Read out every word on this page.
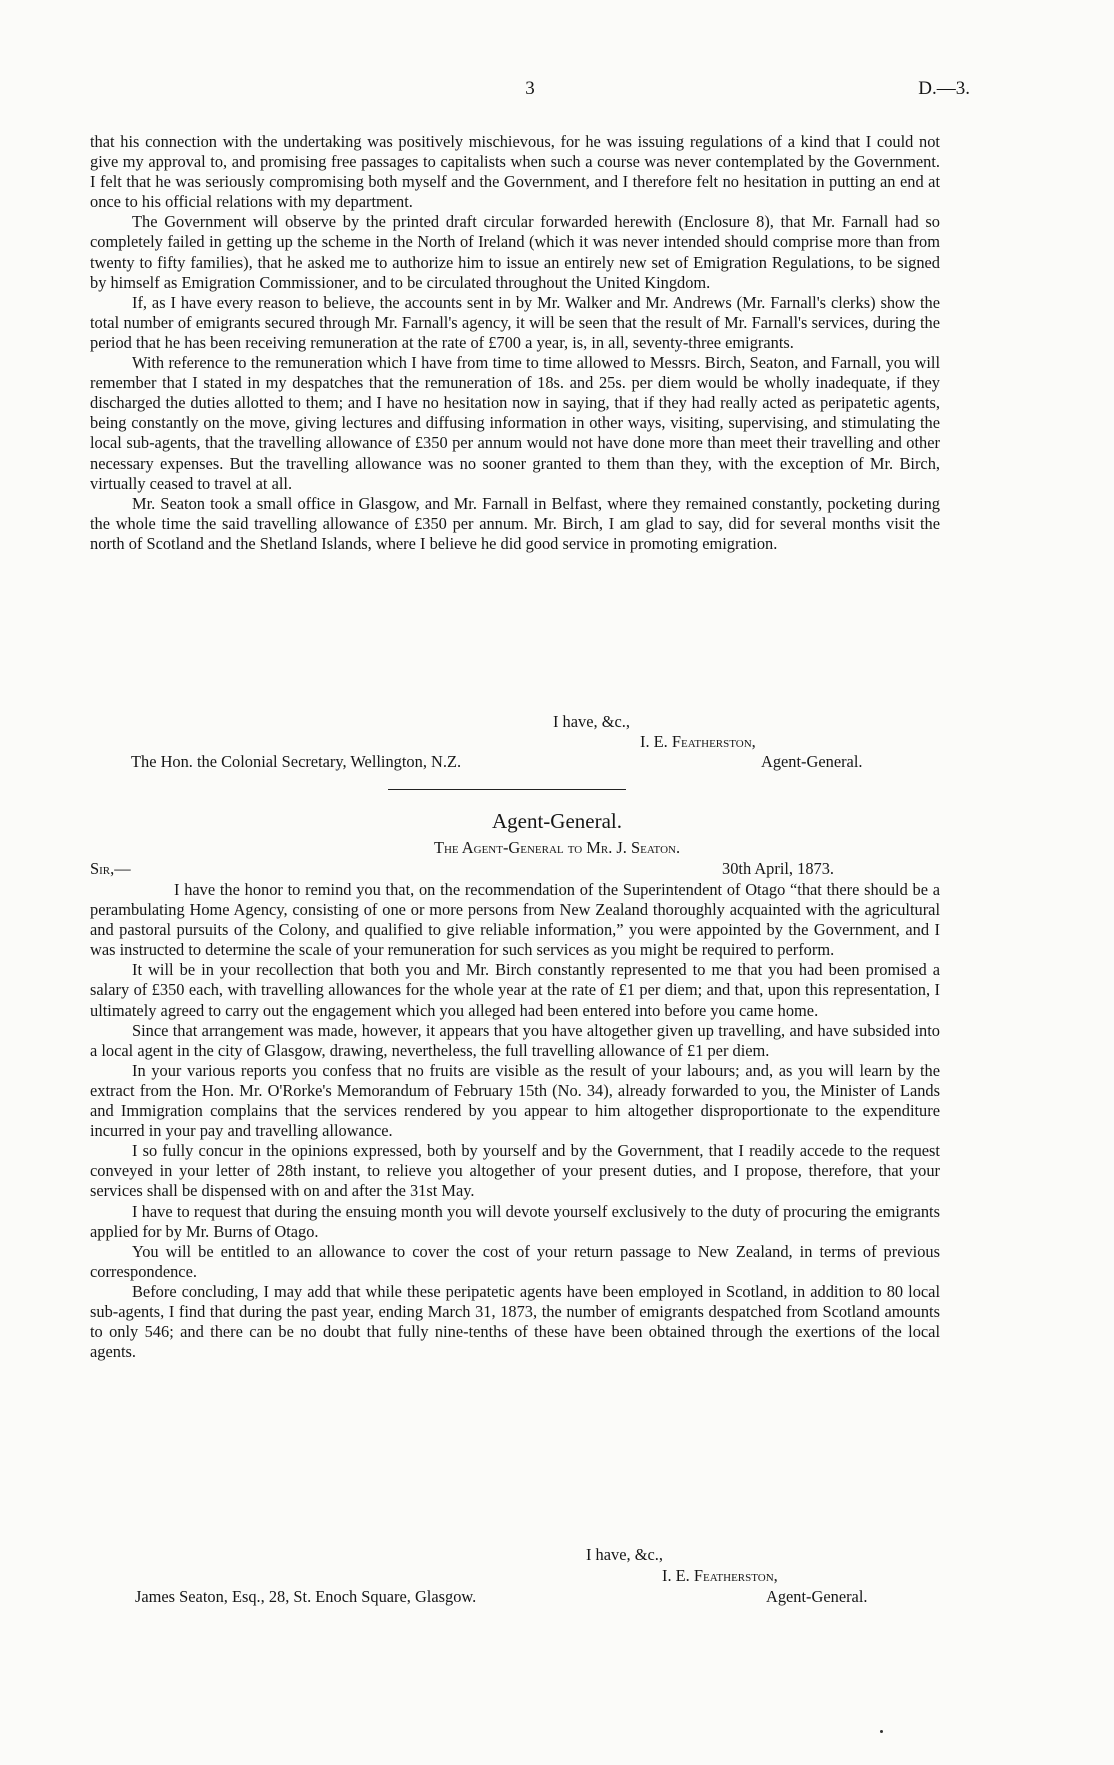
3	D.—3.

that his connection with the undertaking was positively mischievous, for he was issuing regulations of a kind that I could not give my approval to, and promising free passages to capitalists when such a course was never contemplated by the Government. I felt that he was seriously compromising both myself and the Government, and I therefore felt no hesitation in putting an end at once to his official relations with my department.

The Government will observe by the printed draft circular forwarded herewith (Enclosure 8), that Mr. Farnall had so completely failed in getting up the scheme in the North of Ireland (which it was never intended should comprise more than from twenty to fifty families), that he asked me to authorize him to issue an entirely new set of Emigration Regulations, to be signed by himself as Emigration Commissioner, and to be circulated throughout the United Kingdom.

If, as I have every reason to believe, the accounts sent in by Mr. Walker and Mr. Andrews (Mr. Farnall's clerks) show the total number of emigrants secured through Mr. Farnall's agency, it will be seen that the result of Mr. Farnall's services, during the period that he has been receiving remuneration at the rate of £700 a year, is, in all, seventy-three emigrants.

With reference to the remuneration which I have from time to time allowed to Messrs. Birch, Seaton, and Farnall, you will remember that I stated in my despatches that the remuneration of 18s. and 25s. per diem would be wholly inadequate, if they discharged the duties allotted to them; and I have no hesitation now in saying, that if they had really acted as peripatetic agents, being constantly on the move, giving lectures and diffusing information in other ways, visiting, supervising, and stimulating the local sub-agents, that the travelling allowance of £350 per annum would not have done more than meet their travelling and other necessary expenses. But the travelling allowance was no sooner granted to them than they, with the exception of Mr. Birch, virtually ceased to travel at all.

Mr. Seaton took a small office in Glasgow, and Mr. Farnall in Belfast, where they remained constantly, pocketing during the whole time the said travelling allowance of £350 per annum. Mr. Birch, I am glad to say, did for several months visit the north of Scotland and the Shetland Islands, where I believe he did good service in promoting emigration.

I have, &c.,
I. E. Featherston,
The Hon. the Colonial Secretary, Wellington, N.Z.	Agent-General.
Agent-General.
The Agent-General to Mr. J. Seaton.
Sir,—	30th April, 1873.

I have the honor to remind you that, on the recommendation of the Superintendent of Otago “that there should be a perambulating Home Agency, consisting of one or more persons from New Zealand thoroughly acquainted with the agricultural and pastoral pursuits of the Colony, and qualified to give reliable information,” you were appointed by the Government, and I was instructed to determine the scale of your remuneration for such services as you might be required to perform.

It will be in your recollection that both you and Mr. Birch constantly represented to me that you had been promised a salary of £350 each, with travelling allowances for the whole year at the rate of £1 per diem; and that, upon this representation, I ultimately agreed to carry out the engagement which you alleged had been entered into before you came home.

Since that arrangement was made, however, it appears that you have altogether given up travelling, and have subsided into a local agent in the city of Glasgow, drawing, nevertheless, the full travelling allowance of £1 per diem.

In your various reports you confess that no fruits are visible as the result of your labours; and, as you will learn by the extract from the Hon. Mr. O'Rorke's Memorandum of February 15th (No. 34), already forwarded to you, the Minister of Lands and Immigration complains that the services rendered by you appear to him altogether disproportionate to the expenditure incurred in your pay and travelling allowance.

I so fully concur in the opinions expressed, both by yourself and by the Government, that I readily accede to the request conveyed in your letter of 28th instant, to relieve you altogether of your present duties, and I propose, therefore, that your services shall be dispensed with on and after the 31st May.

I have to request that during the ensuing month you will devote yourself exclusively to the duty of procuring the emigrants applied for by Mr. Burns of Otago.

You will be entitled to an allowance to cover the cost of your return passage to New Zealand, in terms of previous correspondence.

Before concluding, I may add that while these peripatetic agents have been employed in Scotland, in addition to 80 local sub-agents, I find that during the past year, ending March 31, 1873, the number of emigrants despatched from Scotland amounts to only 546; and there can be no doubt that fully nine-tenths of these have been obtained through the exertions of the local agents.

I have, &c.,
I. E. Featherston,
James Seaton, Esq., 28, St. Enoch Square, Glasgow.	Agent-General.
